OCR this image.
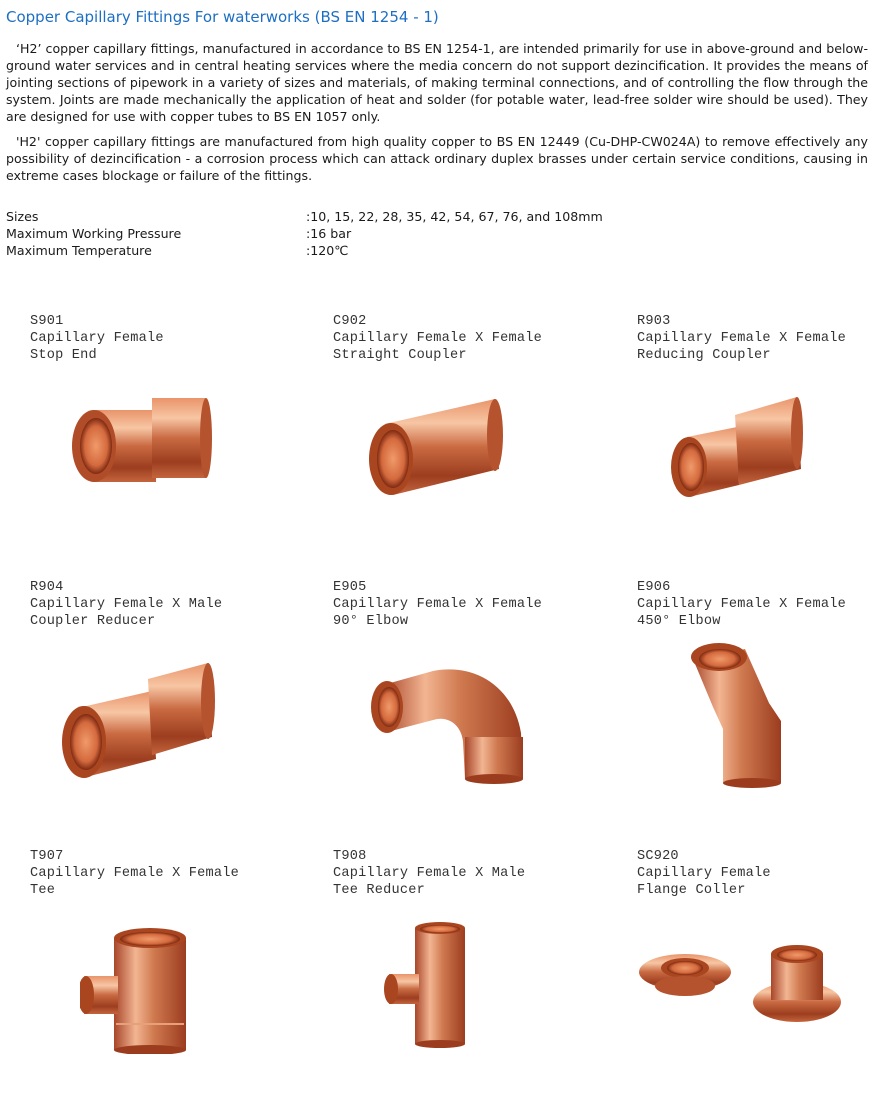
Copper Capillary Fittings For waterworks (BS EN 1254 - 1)
‘H2’ copper capillary fittings, manufactured in accordance to BS EN 1254-1, are intended primarily for use in above-ground and below-ground water services and in central heating services where the media concern do not support dezincification. It provides the means of jointing sections of pipework in a variety of sizes and materials, of making terminal connections, and of controlling the flow through the system. Joints are made mechanically the application of heat and solder (for potable water, lead-free solder wire should be used). They are designed for use with copper tubes to BS EN 1057 only.
'H2' copper capillary fittings are manufactured from high quality copper to BS EN 12449 (Cu-DHP-CW024A) to remove effectively any possibility of dezincification - a corrosion process which can attack ordinary duplex brasses under certain service conditions, causing in extreme cases blockage or failure of the fittings.
Sizes	:10, 15, 22, 28, 35, 42, 54, 67, 76, and 108mm
Maximum Working Pressure	:16 bar
Maximum Temperature	:120℃
S901
Capillary Female
Stop End
C902
Capillary Female X Female
Straight Coupler
R903
Capillary Female X Female
Reducing Coupler
R904
Capillary Female X Male
Coupler Reducer
E905
Capillary Female X Female
90° Elbow
E906
Capillary Female X Female
450° Elbow
T907
Capillary Female X Female
Tee
T908
Capillary Female X Male
Tee Reducer
SC920
Capillary Female
Flange Coller
